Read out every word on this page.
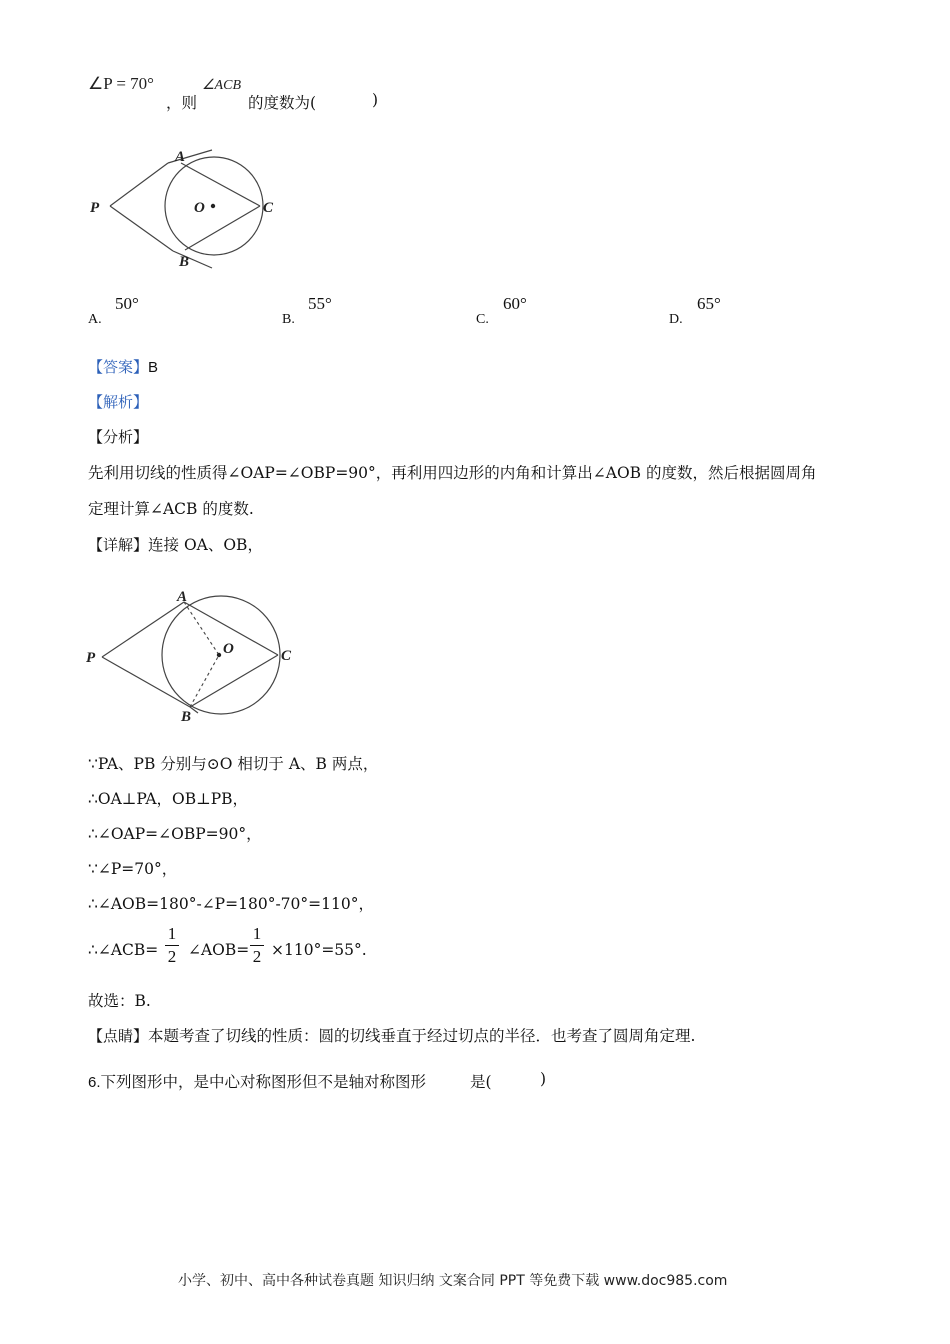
∠P = 70°
，则
∠ACB
的度数为(	)
A
B
C
P	O
A.
50°
B.
55°
C.
60°
D.
65°
【答案】B
【解析】
【分析】
先利用切线的性质得∠OAP=∠OBP=90°，再利用四边形的内角和计算出∠AOB 的度数，然后根据圆周角
定理计算∠ACB 的度数.
【详解】连接 OA、OB，
A
B
C
P
O
∵PA、PB 分别与⊙O 相切于 A、B 两点，
∴OA⊥PA，OB⊥PB，
∴∠OAP=∠OBP=90°，
∵∠P=70°，
∴∠AOB=180°-∠P=180°-70°=110°，
∴∠ACB=
1
2 ∠AOB=
1
2 ×110°=55°.
故选：B.
【点睛】本题考查了切线的性质：圆的切线垂直于经过切点的半径．也考查了圆周角定理.
6.下列图形中，是中心对称图形但不是轴对称图形	是(	)
小学、初中、高中各种试卷真题 知识归纳 文案合同 PPT 等免费下载 www.doc985.com
